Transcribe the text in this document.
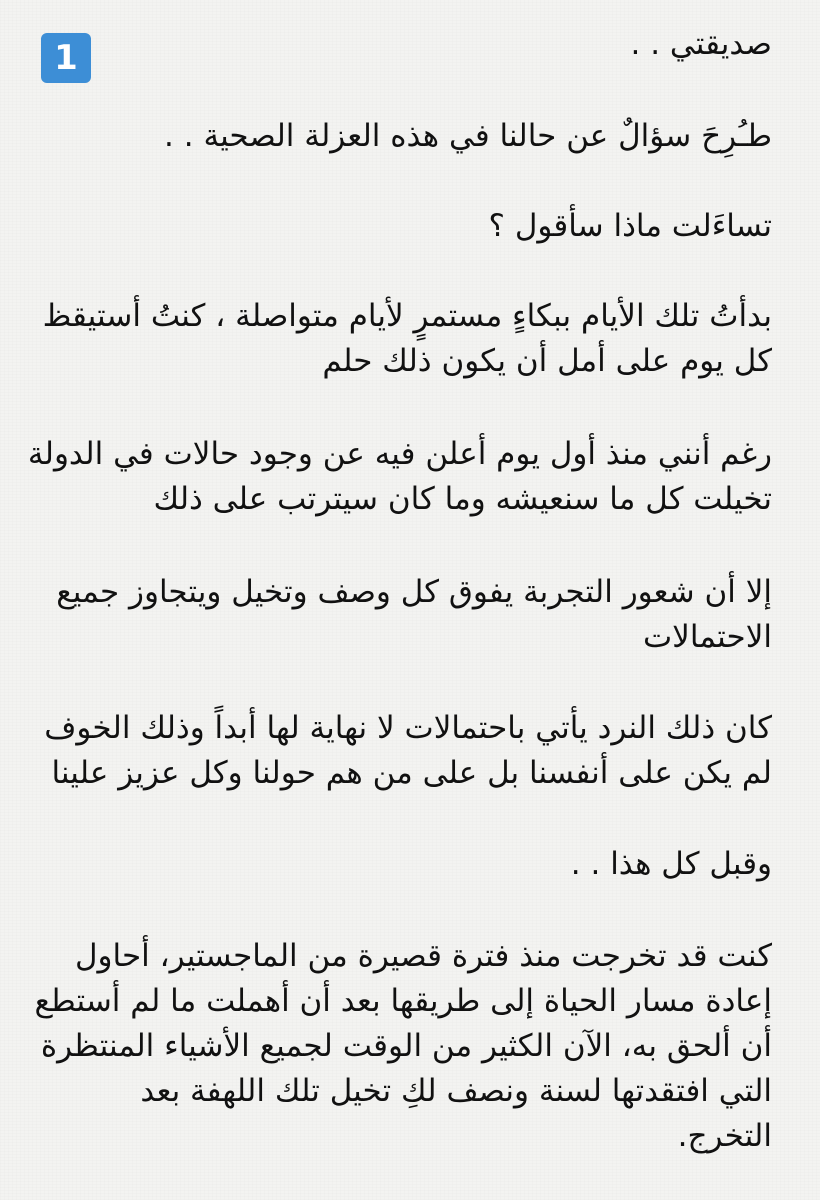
1	صديقتي . .

طـُرِحَ سؤالٌ عن حالنا في هذه العزلة الصحية . .

تساءَلت ماذا سأقول ؟

بدأتُ تلك الأيام ببكاءٍ مستمرٍ لأيام متواصلة ، كنتُ أستيقظ
كل يوم على أمل أن يكون ذلك حلم

رغم أنني منذ أول يوم أعلن فيه عن وجود حالات في الدولة
تخيلت كل ما سنعيشه وما كان سيترتب على ذلك

إلا أن شعور التجربة يفوق كل وصف وتخيل ويتجاوز جميع
الاحتمالات

كان ذلك النرد يأتي باحتمالات لا نهاية لها أبداً وذلك الخوف
لم يكن على أنفسنا بل على من هم حولنا وكل عزيز علينا

وقبل كل هذا . .

كنت قد تخرجت منذ فترة قصيرة من الماجستير، أحاول
إعادة مسار الحياة إلى طريقها بعد أن أهملت ما لم أستطع
أن ألحق به، الآن الكثير من الوقت لجميع الأشياء المنتظرة
التي افتقدتها لسنة ونصف لكِ تخيل تلك اللهفة بعد
التخرج.
